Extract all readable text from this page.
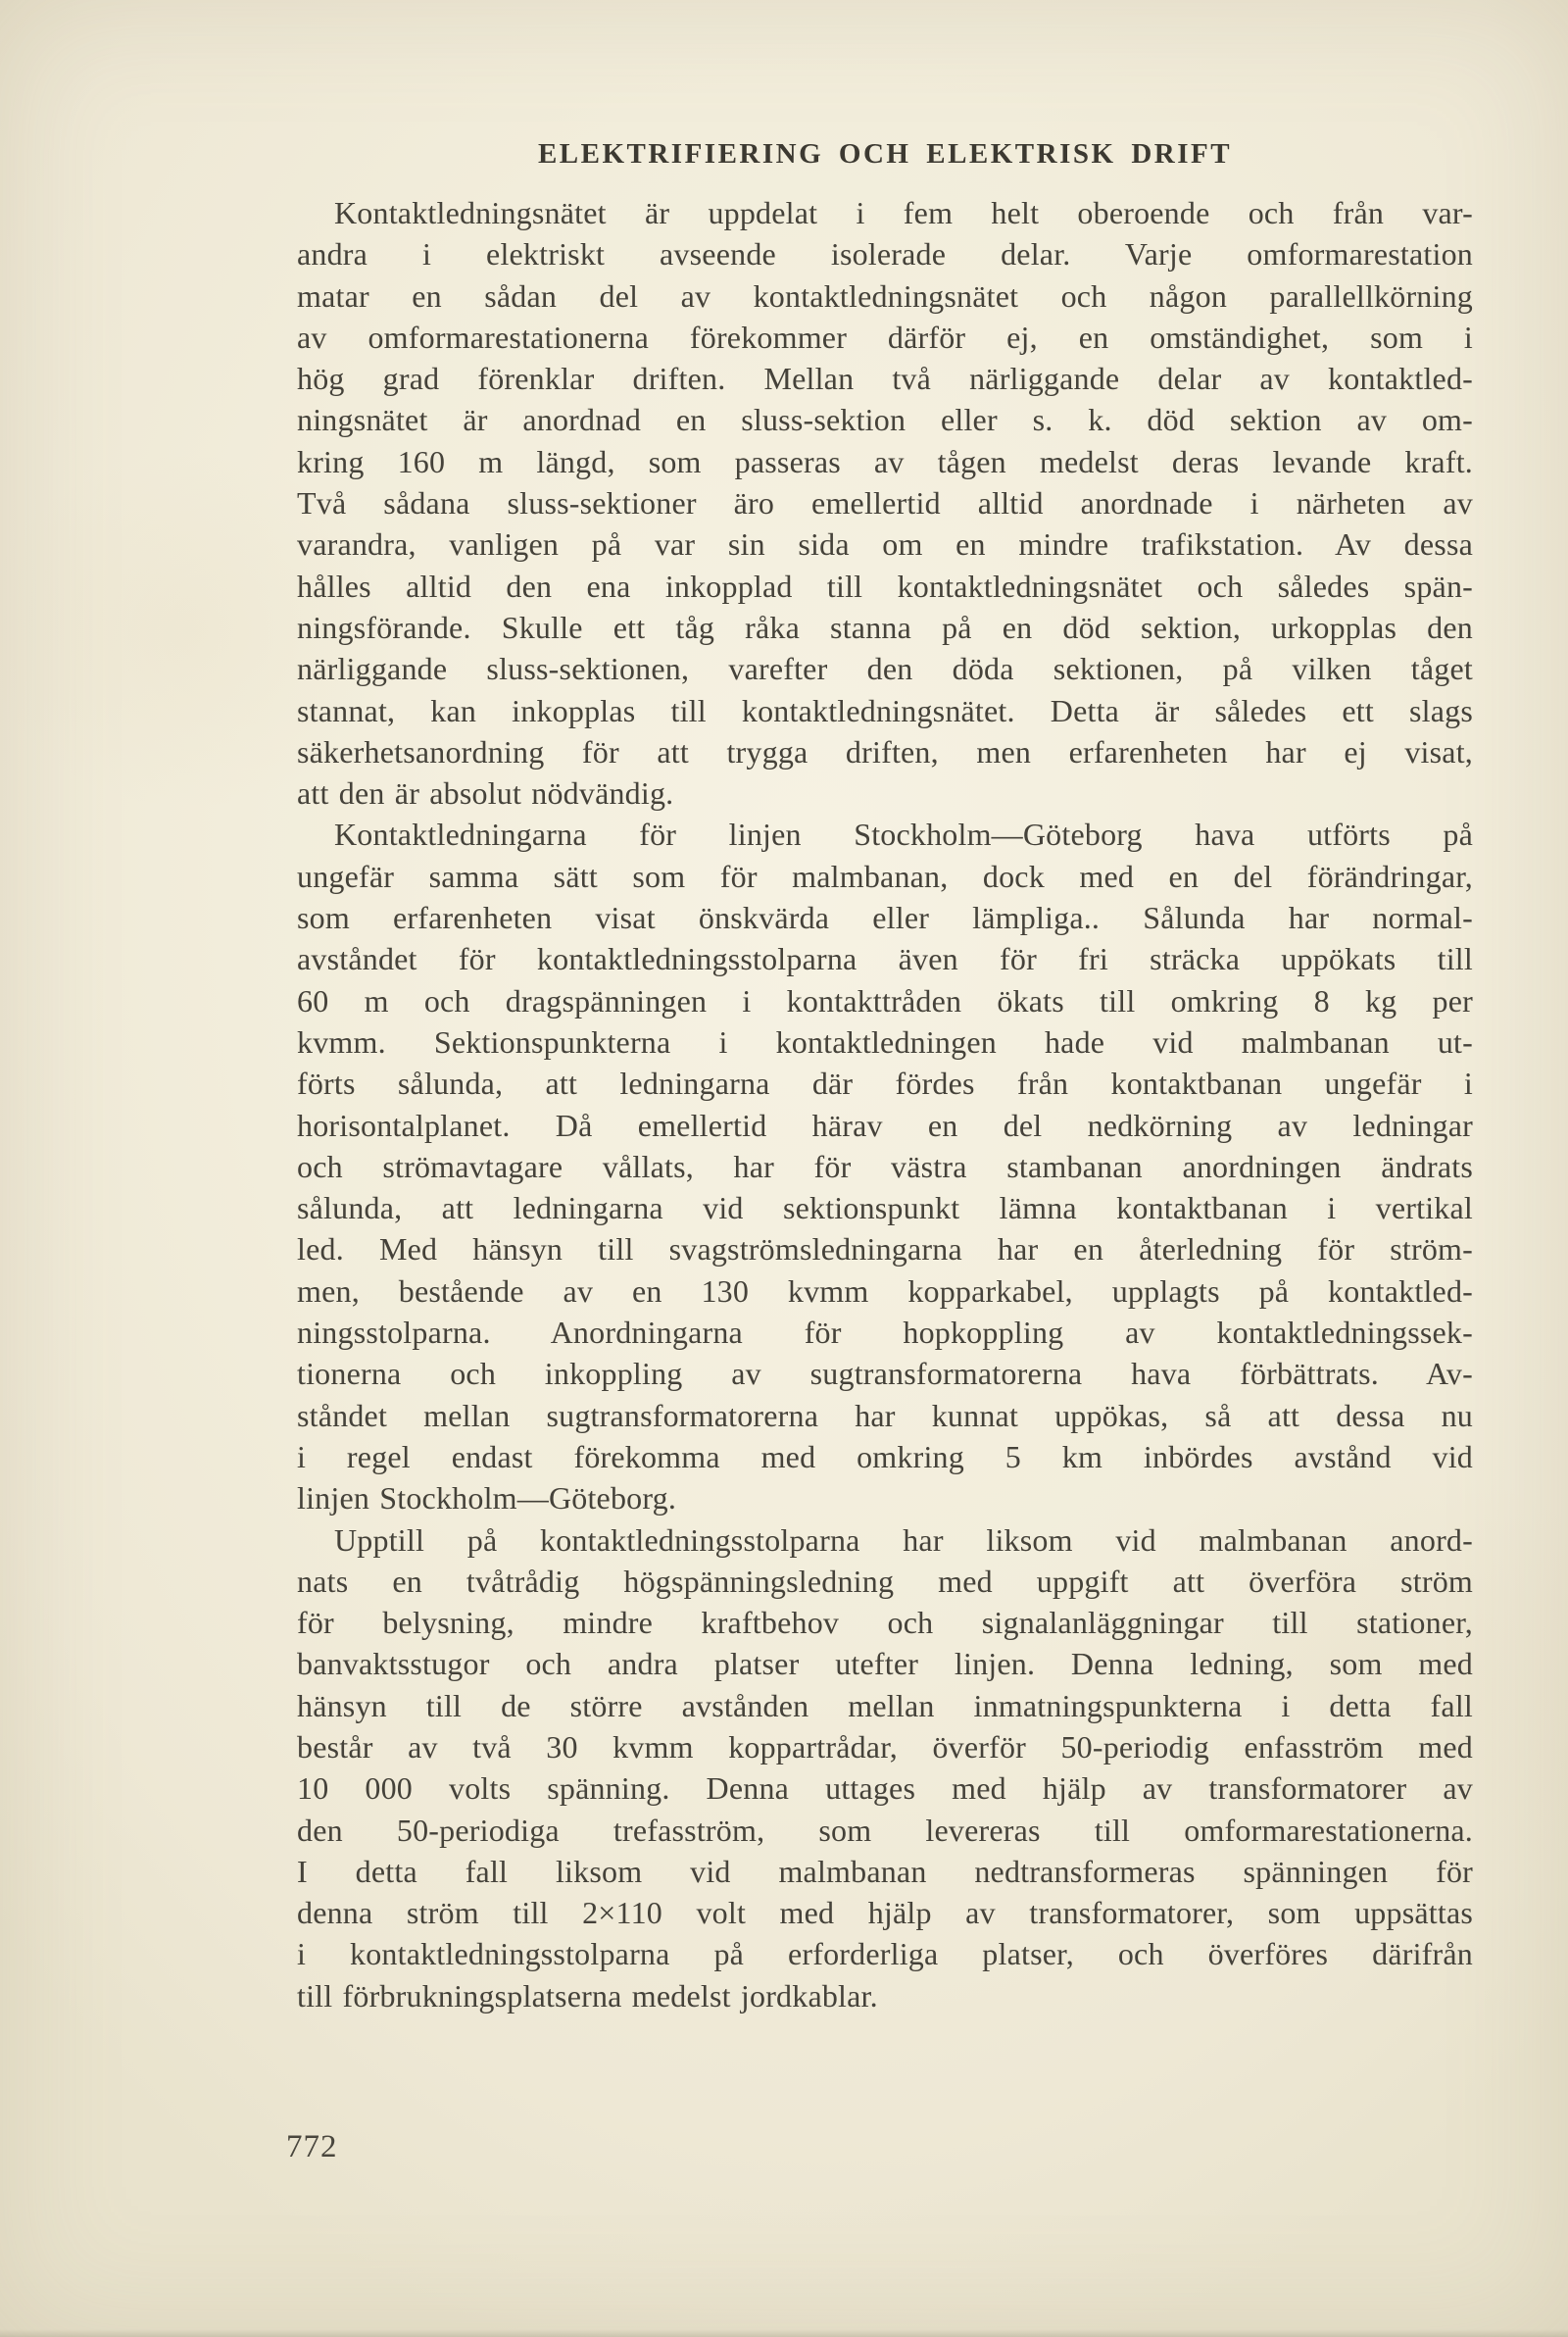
ELEKTRIFIERING OCH ELEKTRISK DRIFT
Kontaktledningsnätet är uppdelat i fem helt oberoende och från var-
andra i elektriskt avseende isolerade delar. Varje omformarestation
matar en sådan del av kontaktledningsnätet och någon parallellkörning
av omformarestationerna förekommer därför ej, en omständighet, som i
hög grad förenklar driften. Mellan två närliggande delar av kontaktled-
ningsnätet är anordnad en sluss-sektion eller s. k. död sektion av om-
kring 160 m längd, som passeras av tågen medelst deras levande kraft.
Två sådana sluss-sektioner äro emellertid alltid anordnade i närheten av
varandra, vanligen på var sin sida om en mindre trafikstation. Av dessa
hålles alltid den ena inkopplad till kontaktledningsnätet och således spän-
ningsförande. Skulle ett tåg råka stanna på en död sektion, urkopplas den
närliggande sluss-sektionen, varefter den döda sektionen, på vilken tåget
stannat, kan inkopplas till kontaktledningsnätet. Detta är således ett slags
säkerhetsanordning för att trygga driften, men erfarenheten har ej visat,
att den är absolut nödvändig.
Kontaktledningarna för linjen Stockholm—Göteborg hava utförts på
ungefär samma sätt som för malmbanan, dock med en del förändringar,
som erfarenheten visat önskvärda eller lämpliga.. Sålunda har normal-
avståndet för kontaktledningsstolparna även för fri sträcka uppökats till
60 m och dragspänningen i kontakttråden ökats till omkring 8 kg per
kvmm. Sektionspunkterna i kontaktledningen hade vid malmbanan ut-
förts sålunda, att ledningarna där fördes från kontaktbanan ungefär i
horisontalplanet. Då emellertid härav en del nedkörning av ledningar
och strömavtagare vållats, har för västra stambanan anordningen ändrats
sålunda, att ledningarna vid sektionspunkt lämna kontaktbanan i vertikal
led. Med hänsyn till svagströmsledningarna har en återledning för ström-
men, bestående av en 130 kvmm kopparkabel, upplagts på kontaktled-
ningsstolparna. Anordningarna för hopkoppling av kontaktledningssek-
tionerna och inkoppling av sugtransformatorerna hava förbättrats. Av-
ståndet mellan sugtransformatorerna har kunnat uppökas, så att dessa nu
i regel endast förekomma med omkring 5 km inbördes avstånd vid
linjen Stockholm—Göteborg.
Upptill på kontaktledningsstolparna har liksom vid malmbanan anord-
nats en tvåtrådig högspänningsledning med uppgift att överföra ström
för belysning, mindre kraftbehov och signalanläggningar till stationer,
banvaktsstugor och andra platser utefter linjen. Denna ledning, som med
hänsyn till de större avstånden mellan inmatningspunkterna i detta fall
består av två 30 kvmm koppartrådar, överför 50-periodig enfasström med
10 000 volts spänning. Denna uttages med hjälp av transformatorer av
den 50-periodiga trefasström, som levereras till omformarestationerna.
I detta fall liksom vid malmbanan nedtransformeras spänningen för
denna ström till 2×110 volt med hjälp av transformatorer, som uppsättas
i kontaktledningsstolparna på erforderliga platser, och överföres därifrån
till förbrukningsplatserna medelst jordkablar.
772
